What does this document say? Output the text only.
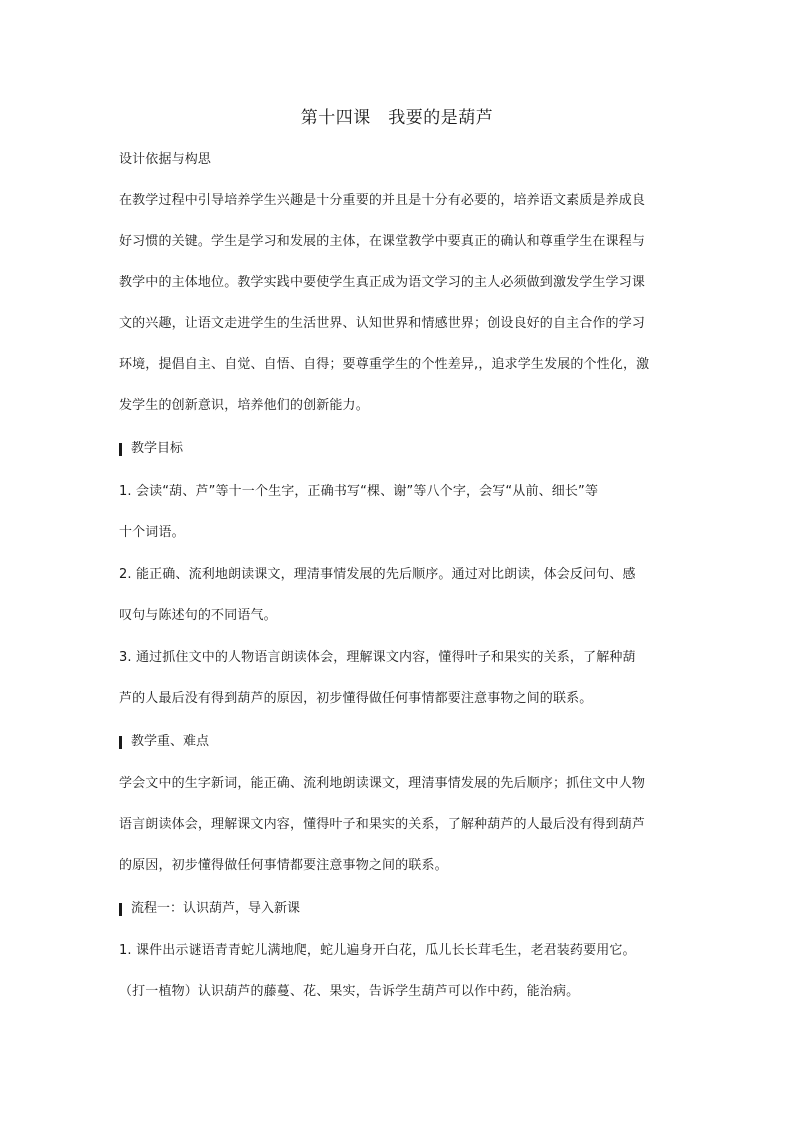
第十四课　我要的是葫芦
设计依据与构思
在教学过程中引导培养学生兴趣是十分重要的并且是十分有必要的，培养语文素质是养成良
好习惯的关键。学生是学习和发展的主体，在课堂教学中要真正的确认和尊重学生在课程与
教学中的主体地位。教学实践中要使学生真正成为语文学习的主人必须做到激发学生学习课
文的兴趣，让语文走进学生的生活世界、认知世界和情感世界；创设良好的自主合作的学习
环境，提倡自主、自觉、自悟、自得；要尊重学生的个性差异,，追求学生发展的个性化，激
发学生的创新意识，培养他们的创新能力。
教学目标
1. 会读“葫、芦”等十一个生字，正确书写“棵、谢”等八个字，会写“从前、细长”等
十个词语。
2. 能正确、流利地朗读课文，理清事情发展的先后顺序。通过对比朗读，体会反问句、感
叹句与陈述句的不同语气。
3. 通过抓住文中的人物语言朗读体会，理解课文内容，懂得叶子和果实的关系，了解种葫
芦的人最后没有得到葫芦的原因，初步懂得做任何事情都要注意事物之间的联系。
教学重、难点
学会文中的生字新词，能正确、流利地朗读课文，理清事情发展的先后顺序；抓住文中人物
语言朗读体会，理解课文内容，懂得叶子和果实的关系，了解种葫芦的人最后没有得到葫芦
的原因，初步懂得做任何事情都要注意事物之间的联系。
流程一：认识葫芦，导入新课
1. 课件出示谜语青青蛇儿满地爬，蛇儿遍身开白花，瓜儿长长茸毛生，老君装药要用它。
（打一植物）认识葫芦的藤蔓、花、果实，告诉学生葫芦可以作中药，能治病。
